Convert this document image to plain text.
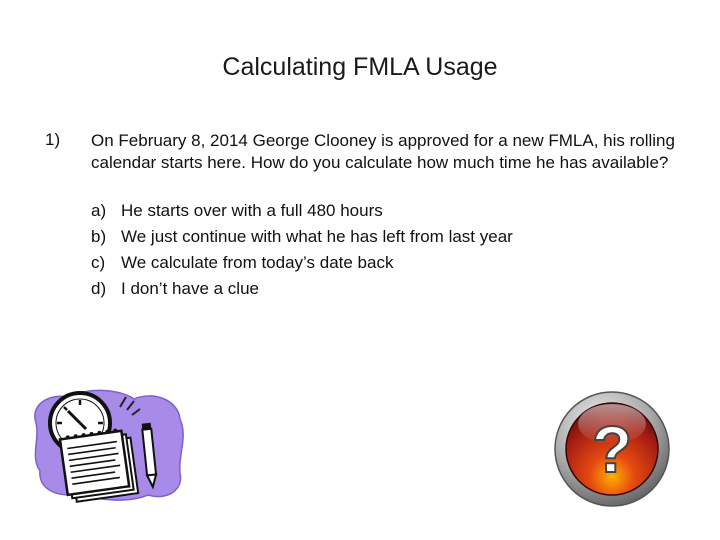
Calculating FMLA Usage
1) On February 8, 2014 George Clooney is approved for a new FMLA, his rolling calendar starts here. How do you calculate how much time he has available?
a) He starts over with a full 480 hours
b) We just continue with what he has left from last year
c) We calculate from today’s date back
d) I don’t have a clue
?
